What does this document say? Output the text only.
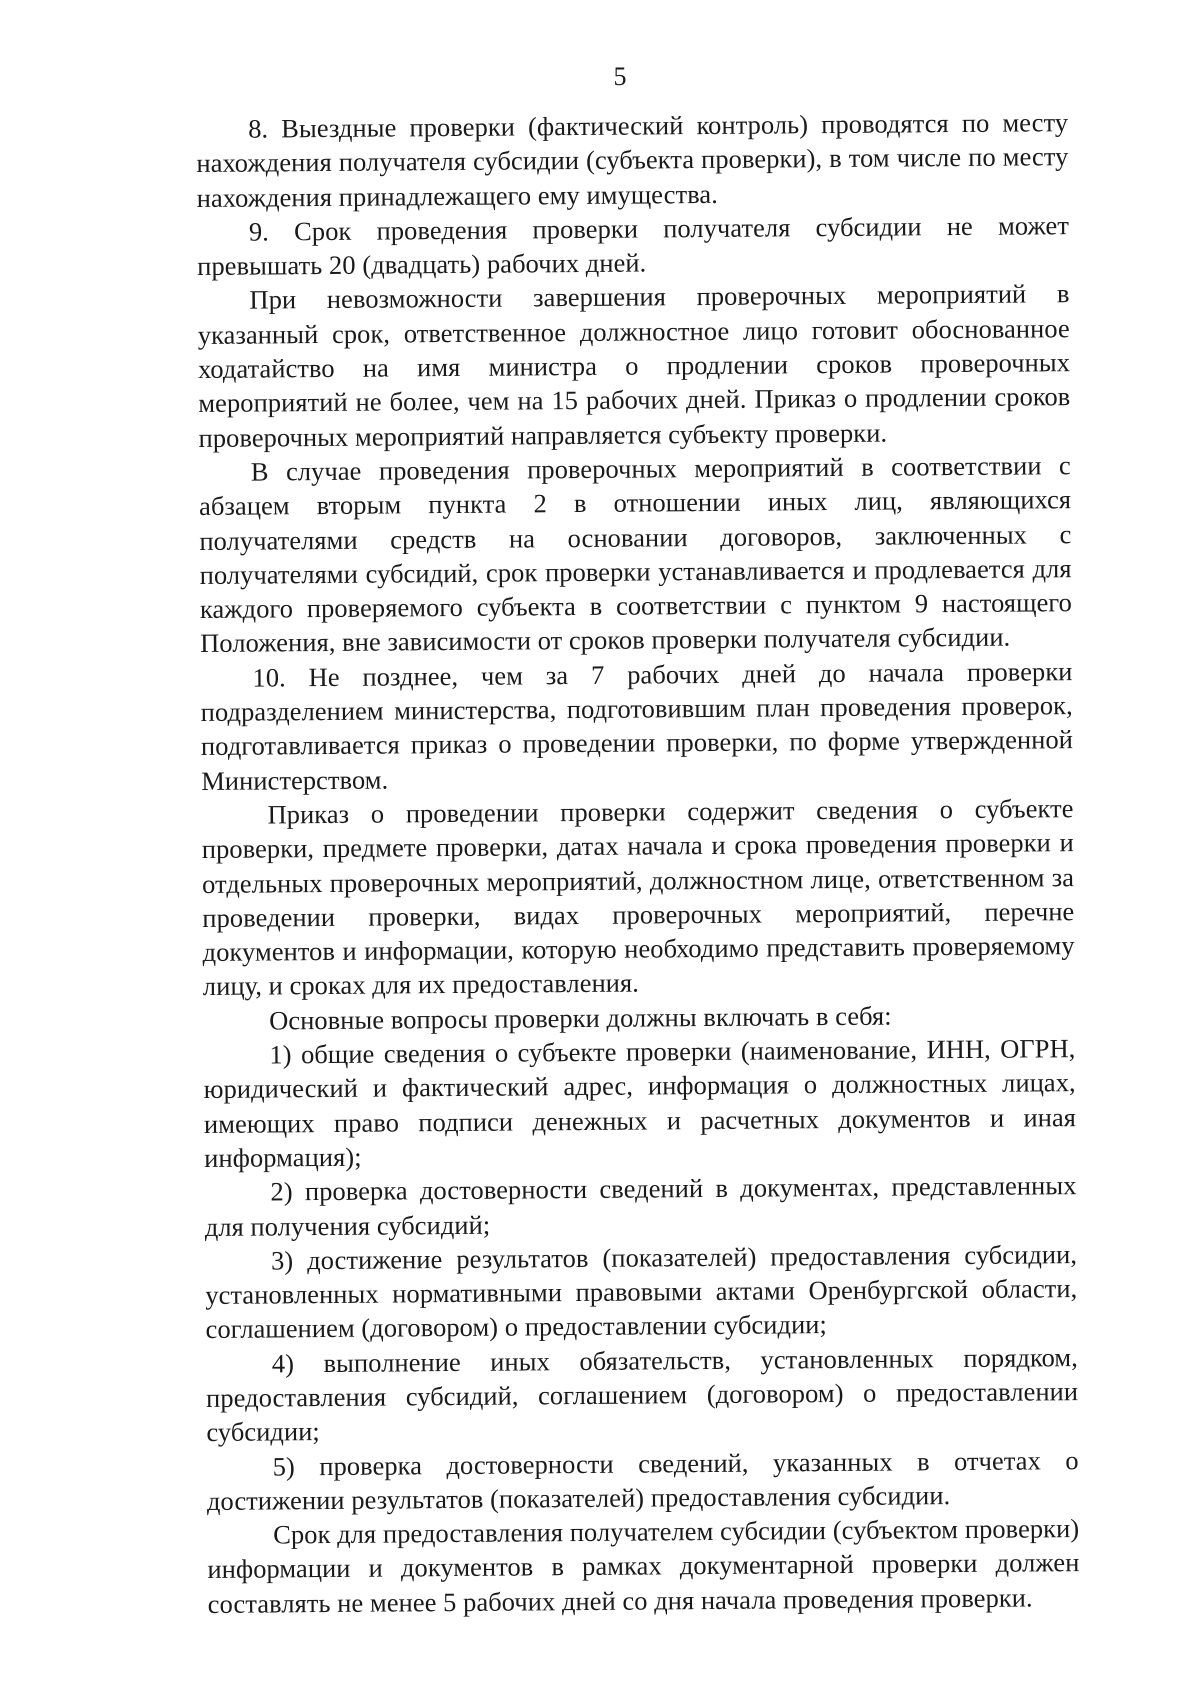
5

8. Выездные проверки (фактический контроль) проводятся по месту нахождения получателя субсидии (субъекта проверки), в том числе по месту нахождения принадлежащего ему имущества.

9. Срок проведения проверки получателя субсидии не может превышать 20 (двадцать) рабочих дней.

При невозможности завершения проверочных мероприятий в указанный срок, ответственное должностное лицо готовит обоснованное ходатайство на имя министра о продлении сроков проверочных мероприятий не более, чем на 15 рабочих дней. Приказ о продлении сроков проверочных мероприятий направляется субъекту проверки.

В случае проведения проверочных мероприятий в соответствии с абзацем вторым пункта 2 в отношении иных лиц, являющихся получателями средств на основании договоров, заключенных с получателями субсидий, срок проверки устанавливается и продлевается для каждого проверяемого субъекта в соответствии с пунктом 9 настоящего Положения, вне зависимости от сроков проверки получателя субсидии.

10. Не позднее, чем за 7 рабочих дней до начала проверки подразделением министерства, подготовившим план проведения проверок, подготавливается приказ о проведении проверки, по форме утвержденной Министерством.

Приказ о проведении проверки содержит сведения о субъекте проверки, предмете проверки, датах начала и срока проведения проверки и отдельных проверочных мероприятий, должностном лице, ответственном за проведении проверки, видах проверочных мероприятий, перечне документов и информации, которую необходимо представить проверяемому лицу, и сроках для их предоставления.

Основные вопросы проверки должны включать в себя:

1) общие сведения о субъекте проверки (наименование, ИНН, ОГРН, юридический и фактический адрес, информация о должностных лицах, имеющих право подписи денежных и расчетных документов и иная информация);

2) проверка достоверности сведений в документах, представленных для получения субсидий;

3) достижение результатов (показателей) предоставления субсидии, установленных нормативными правовыми актами Оренбургской области, соглашением (договором) о предоставлении субсидии;

4) выполнение иных обязательств, установленных порядком, предоставления субсидий, соглашением (договором) о предоставлении субсидии;

5) проверка достоверности сведений, указанных в отчетах о достижении результатов (показателей) предоставления субсидии.

Срок для предоставления получателем субсидии (субъектом проверки) информации и документов в рамках документарной проверки должен составлять не менее 5 рабочих дней со дня начала проведения проверки.
